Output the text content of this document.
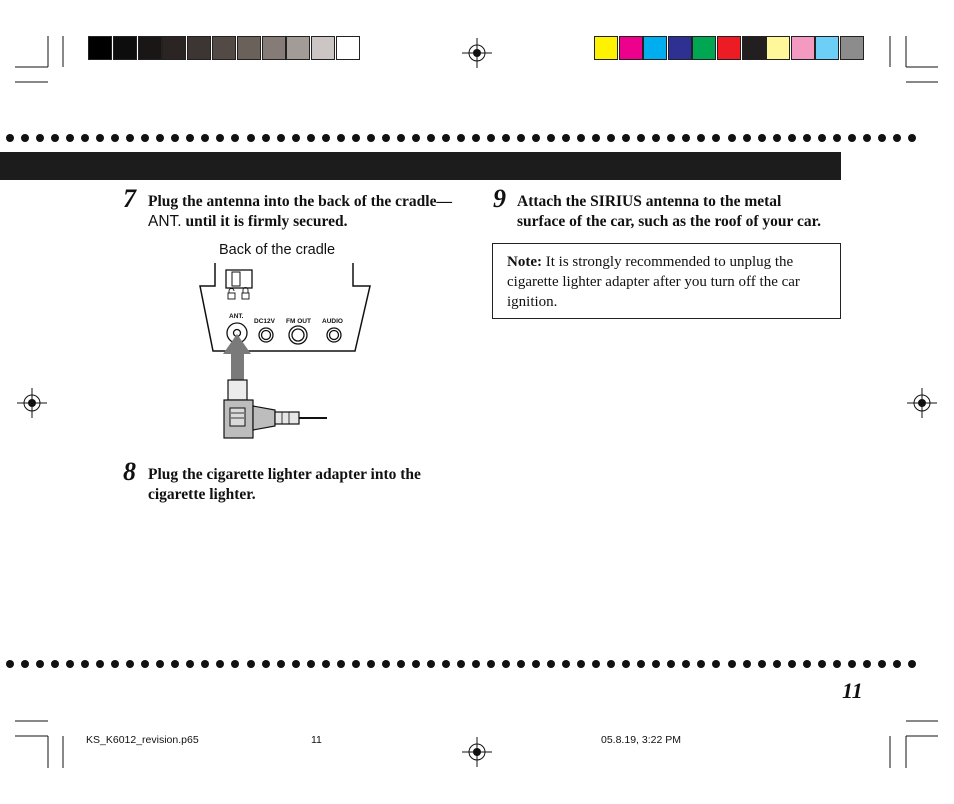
7 Plug the antenna into the back of the cradle—
ANT. until it is firmly secured.
Back of the cradle
ANT.
DC12V FM OUT AUDIO
8 Plug the cigarette lighter adapter into the
cigarette lighter.
9 Attach the SIRIUS antenna to the metal
surface of the car, such as the roof of your car.
Note: It is strongly recommended to unplug the cigarette lighter adapter after you turn off the car ignition.
11
KS_K6012_revision.p65	11	05.8.19, 3:22 PM
